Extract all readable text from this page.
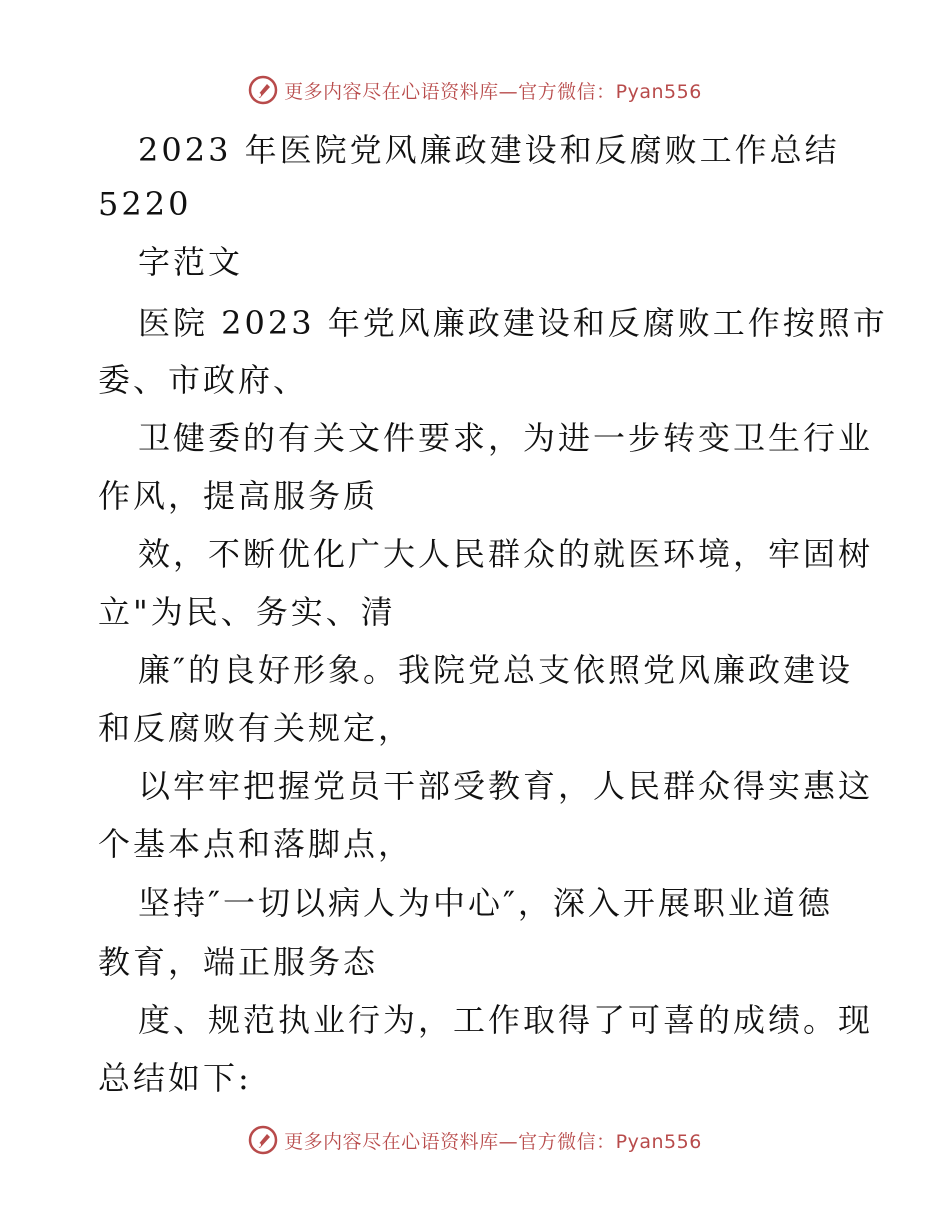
更多内容尽在心语资料库—官方微信：Pyan556
2023 年医院党风廉政建设和反腐败工作总结
5220
字范文
医院 2023 年党风廉政建设和反腐败工作按照市
委、市政府、
卫健委的有关文件要求，为进一步转变卫生行业
作风，提高服务质
效，不断优化广大人民群众的就医环境，牢固树
立"为民、务实、清
廉″的良好形象。我院党总支依照党风廉政建设
和反腐败有关规定，
以牢牢把握党员干部受教育，人民群众得实惠这
个基本点和落脚点，
坚持″一切以病人为中心″，深入开展职业道德
教育，端正服务态
度、规范执业行为，工作取得了可喜的成绩。现
总结如下:
更多内容尽在心语资料库—官方微信：Pyan556
